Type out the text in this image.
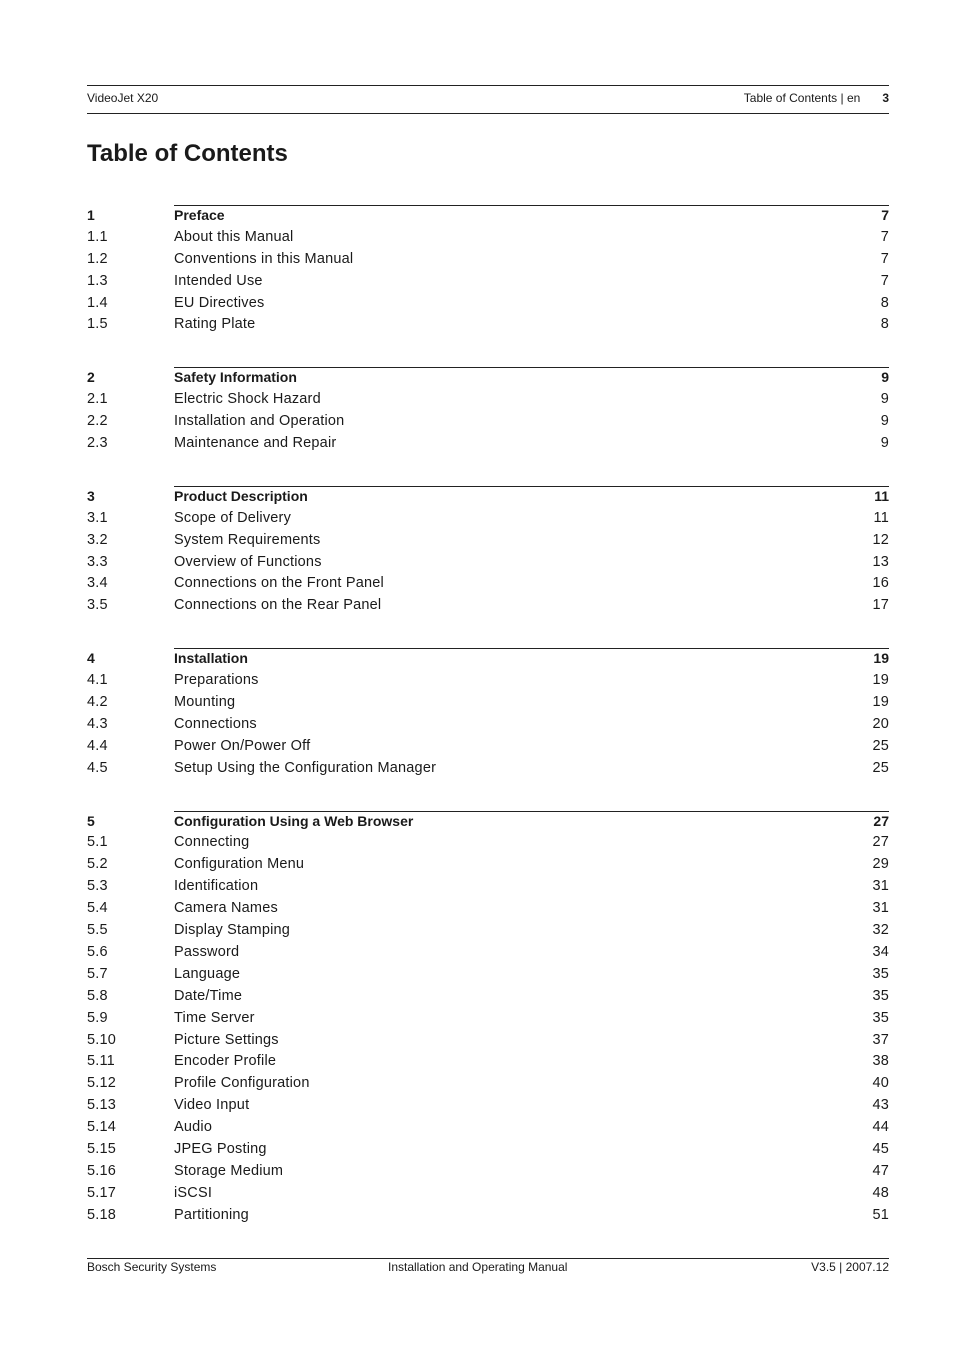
VideoJet X20	Table of Contents | en 3
Table of Contents
1	Preface	7
1.1	About this Manual	7
1.2	Conventions in this Manual	7
1.3	Intended Use	7
1.4	EU Directives	8
1.5	Rating Plate	8
2	Safety Information	9
2.1	Electric Shock Hazard	9
2.2	Installation and Operation	9
2.3	Maintenance and Repair	9
3	Product Description	11
3.1	Scope of Delivery	11
3.2	System Requirements	12
3.3	Overview of Functions	13
3.4	Connections on the Front Panel	16
3.5	Connections on the Rear Panel	17
4	Installation	19
4.1	Preparations	19
4.2	Mounting	19
4.3	Connections	20
4.4	Power On/Power Off	25
4.5	Setup Using the Configuration Manager	25
5	Configuration Using a Web Browser	27
5.1	Connecting	27
5.2	Configuration Menu	29
5.3	Identification	31
5.4	Camera Names	31
5.5	Display Stamping	32
5.6	Password	34
5.7	Language	35
5.8	Date/Time	35
5.9	Time Server	35
5.10	Picture Settings	37
5.11	Encoder Profile	38
5.12	Profile Configuration	40
5.13	Video Input	43
5.14	Audio	44
5.15	JPEG Posting	45
5.16	Storage Medium	47
5.17	iSCSI	48
5.18	Partitioning	51
Bosch Security Systems	Installation and Operating Manual	V3.5 | 2007.12
